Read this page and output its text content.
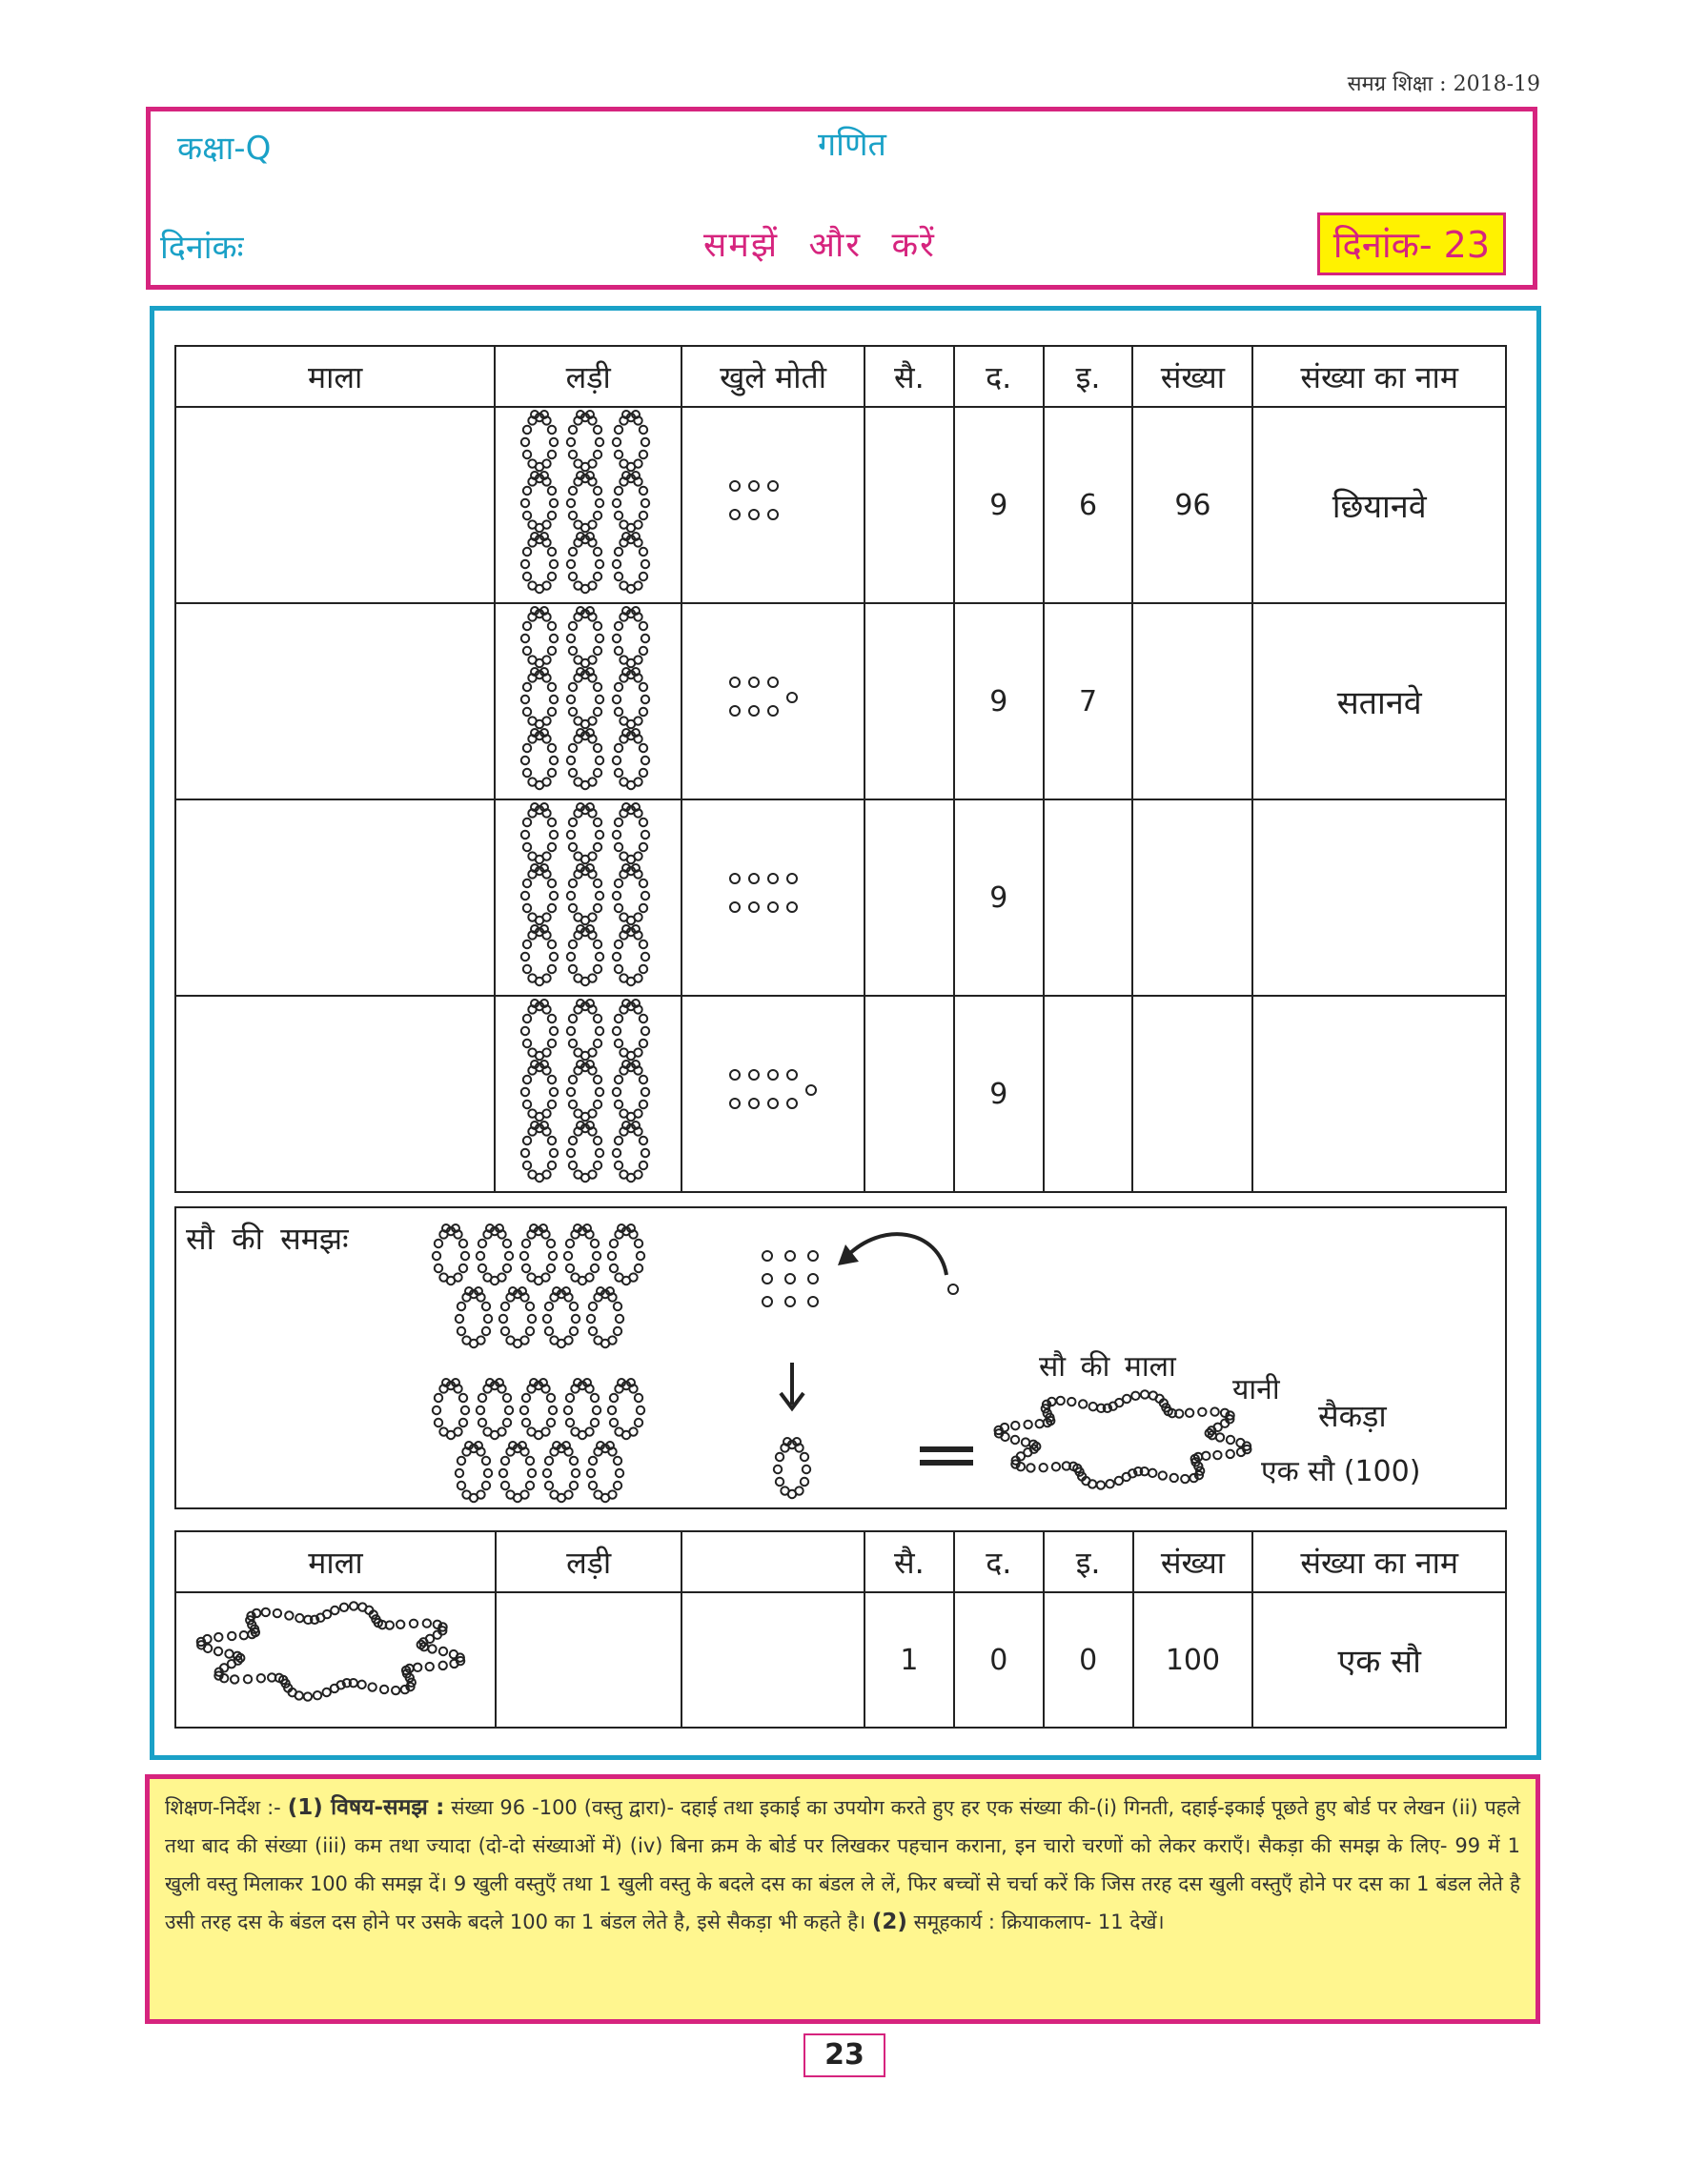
समग्र शिक्षा : 2018-19
कक्षा-Q	गणित
दिनांकः	समझें और करें	दिनांक- 23
माला	लड़ी	खुले मोती	सै.	द.	इ.	संख्या	संख्या का नाम
				9	6	96	छियानवे
				9	7		सतानवे
				9			
				9			
सौ की समझः
सौ की माला
यानी
सैकड़ा
एक सौ (100)
माला	लड़ी		सै.	द.	इ.	संख्या	संख्या का नाम
			1	0	0	100	एक सौ
शिक्षण-निर्देश :- (1) विषय-समझ : संख्या 96 -100 (वस्तु द्वारा)- दहाई तथा इकाई का उपयोग करते हुए हर एक संख्या की-(i) गिनती, दहाई-इकाई पूछते हुए बोर्ड पर लेखन (ii) पहले तथा बाद की संख्या (iii) कम तथा ज्यादा (दो-दो संख्याओं में) (iv) बिना क्रम के बोर्ड पर लिखकर पहचान कराना, इन चारो चरणों को लेकर कराएँ। सैकड़ा की समझ के लिए- 99 में 1 खुली वस्तु मिलाकर 100 की समझ दें। 9 खुली वस्तुएँ तथा 1 खुली वस्तु के बदले दस का बंडल ले लें, फिर बच्चों से चर्चा करें कि जिस तरह दस खुली वस्तुएँ होने पर दस का 1 बंडल लेते है उसी तरह दस के बंडल दस होने पर उसके बदले 100 का 1 बंडल लेते है, इसे सैकड़ा भी कहते है। (2) समूहकार्य : क्रियाकलाप- 11 देखें।
23
